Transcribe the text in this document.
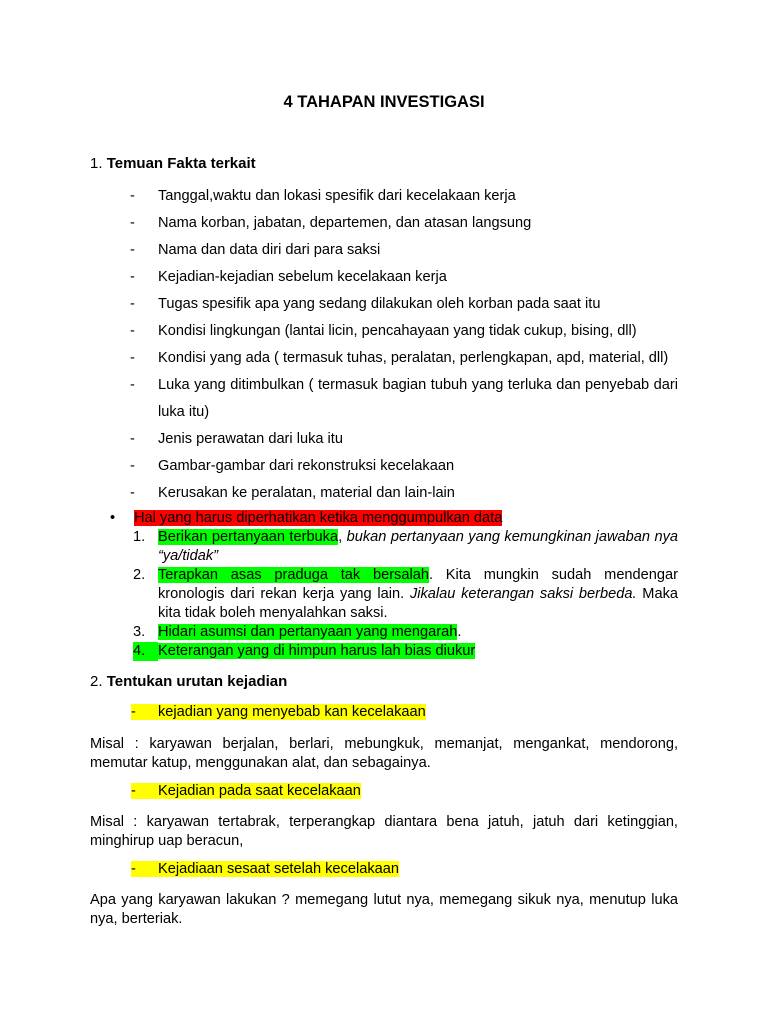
4 TAHAPAN INVESTIGASI
1. Temuan Fakta terkait
-	Tanggal,waktu dan lokasi spesifik dari kecelakaan kerja
-	Nama korban, jabatan, departemen, dan atasan langsung
-	Nama dan data diri dari para saksi
-	Kejadian-kejadian sebelum kecelakaan kerja
-	Tugas spesifik apa yang sedang dilakukan oleh korban pada saat itu
-	Kondisi lingkungan (lantai licin, pencahayaan yang tidak cukup, bising, dll)
-	Kondisi yang ada ( termasuk tuhas, peralatan, perlengkapan, apd, material, dll)
-	Luka yang ditimbulkan ( termasuk bagian tubuh yang terluka dan penyebab dari luka itu)
-	Jenis perawatan dari luka itu
-	Gambar-gambar dari rekonstruksi kecelakaan
-	Kerusakan ke peralatan, material dan lain-lain
• Hal yang harus diperhatikan ketika menggumpulkan data
1. Berikan pertanyaan terbuka, bukan pertanyaan yang kemungkinan jawaban nya “ya/tidak”
2. Terapkan asas praduga tak bersalah. Kita mungkin sudah mendengar kronologis dari rekan kerja yang lain. Jikalau keterangan saksi berbeda. Maka kita tidak boleh menyalahkan saksi.
3. Hidari asumsi dan pertanyaan yang mengarah.
4. Keterangan yang di himpun harus lah bias diukur
2. Tentukan urutan kejadian
- kejadian yang menyebab kan kecelakaan
Misal : karyawan berjalan, berlari, mebungkuk, memanjat, mengankat, mendorong, memutar katup, menggunakan alat, dan sebagainya.
- Kejadian pada saat kecelakaan
Misal : karyawan tertabrak, terperangkap diantara bena jatuh, jatuh dari ketinggian, minghirup uap beracun,
- Kejadiaan sesaat setelah kecelakaan
Apa yang karyawan lakukan ? memegang lutut nya, memegang sikuk nya, menutup luka nya, berteriak.
